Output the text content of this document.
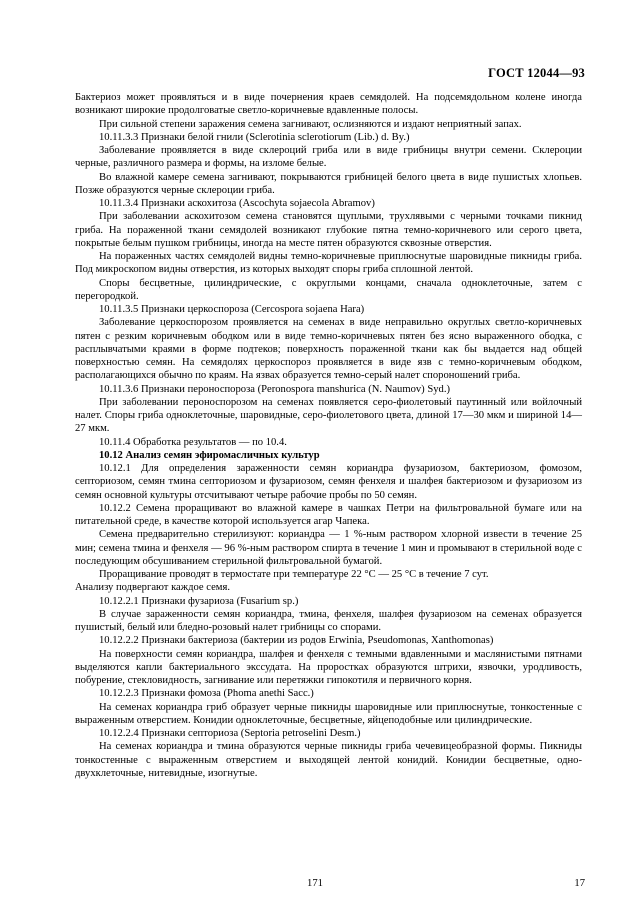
ГОСТ 12044—93

Бактериоз может проявляться и в виде почернения краев семядолей. На подсемядольном колене иногда возникают широкие продолговатые светло-коричневые вдавленные полосы.

При сильной степени заражения семена загнивают, ослизняются и издают неприятный запах.

10.11.3.3 Признаки белой гнили (Sclerotinia sclerotiorum (Lib.) d. By.)

Заболевание проявляется в виде склероций гриба или в виде грибницы внутри семени. Склероции черные, различного размера и формы, на изломе белые.

Во влажной камере семена загнивают, покрываются грибницей белого цвета в виде пушистых хлопьев. Позже образуются черные склероции гриба.

10.11.3.4 Признаки аскохитоза (Ascochyta sojaecola Abramov)

При заболевании аскохитозом семена становятся щуплыми, трухлявыми с черными точками пикнид гриба. На пораженной ткани семядолей возникают глубокие пятна темно-коричневого или серого цвета, покрытые белым пушком грибницы, иногда на месте пятен образуются сквозные отверстия.

На пораженных частях семядолей видны темно-коричневые приплюснутые шаровидные пикниды гриба. Под микроскопом видны отверстия, из которых выходят споры гриба сплошной лентой.

Споры бесцветные, цилиндрические, с округлыми концами, сначала одноклеточные, затем с перегородкой.

10.11.3.5 Признаки церкоспороза (Cercospora sojaena Hara)

Заболевание церкоспорозом проявляется на семенах в виде неправильно округлых светло-коричневых пятен с резким коричневым ободком или в виде темно-коричневых пятен без ясно выраженного ободка, с расплывчатыми краями в форме подтеков; поверхность пораженной ткани как бы выдается над общей поверхностью семян. На семядолях церкоспороз проявляется в виде язв с темно-коричневым ободком, располагающихся обычно по краям. На язвах образуется темно-серый налет спороношений гриба.

10.11.3.6 Признаки пероноспороза (Peronospora manshurica (N. Naumov) Syd.)

При заболевании пероноспорозом на семенах появляется серо-фиолетовый паутинный или войлочный налет. Споры гриба одноклеточные, шаровидные, серо-фиолетового цвета, длиной 17—30 мкм и шириной 14—27 мкм.

10.11.4 Обработка результатов — по 10.4.

10.12 Анализ семян эфиромасличных культур

10.12.1 Для определения зараженности семян кориандра фузариозом, бактериозом, фомозом, септориозом, семян тмина септориозом и фузариозом, семян фенхеля и шалфея бактериозом и фузариозом из семян основной культуры отсчитывают четыре рабочие пробы по 50 семян.

10.12.2 Семена проращивают во влажной камере в чашках Петри на фильтровальной бумаге или на питательной среде, в качестве которой используется агар Чапека.

Семена предварительно стерилизуют: кориандра — 1 %-ным раствором хлорной извести в течение 25 мин; семена тмина и фенхеля — 96 %-ным раствором спирта в течение 1 мин и промывают в стерильной воде с последующим обсушиванием стерильной фильтровальной бумагой.

Проращивание проводят в термостате при температуре 22 °С — 25 °С в течение 7 сут.

Анализу подвергают каждое семя.

10.12.2.1 Признаки фузариоза (Fusarium sp.)

В случае зараженности семян кориандра, тмина, фенхеля, шалфея фузариозом на семенах образуется пушистый, белый или бледно-розовый налет грибницы со спорами.

10.12.2.2 Признаки бактериоза (бактерии из родов Erwinia, Pseudomonas, Xanthomonas)

На поверхности семян кориандра, шалфея и фенхеля с темными вдавленными и маслянистыми пятнами выделяются капли бактериального экссудата. На проростках образуются штрихи, язвочки, уродливость, побурение, стекловидность, загнивание или перетяжки гипокотиля и первичного корня.

10.12.2.3 Признаки фомоза (Phoma anethi Sacc.)

На семенах кориандра гриб образует черные пикниды шаровидные или приплюснутые, тонкостенные с выраженным отверстием. Конидии одноклеточные, бесцветные, яйцеподобные или цилиндрические.

10.12.2.4 Признаки септориоза (Septoria petroselini Desm.)

На семенах кориандра и тмина образуются черные пикниды гриба чечевицеобразной формы. Пикниды тонкостенные с выраженным отверстием и выходящей лентой конидий. Конидии бесцветные, одно- двухклеточные, нитевидные, изогнутые.

171	17
